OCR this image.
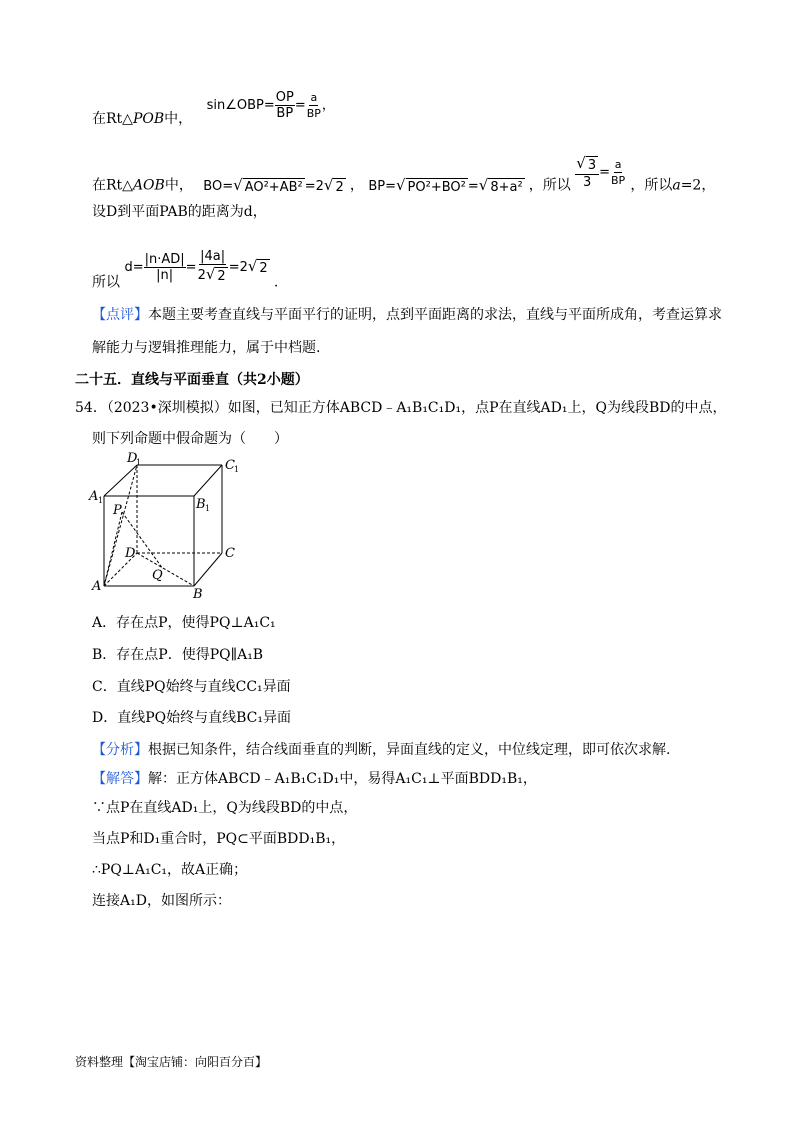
在Rt△POB中， sin∠OBP= $\frac{OP}{BP} = \frac{a}{BP}$ ，
在Rt△AOB中， BO= √ AO²+AB² =2 √ 2 ， BP= √ PO²+BO² = √ 8+a² ，所以 $\frac{√ 3}{3} = \frac{a}{BP}$ ，所以a=2，
设D到平面PAB的距离为d，
所以 $d= \frac{|n\cdot AD|}{|n|} = \frac{|4a|}{2 √ 2} =2$ √ 2
.
【点评】本题主要考查直线与平面平行的证明，点到平面距离的求法，直线与平面所成角，考查运算求
解能力与逻辑推理能力，属于中档题.
二十五．直线与平面垂直（共2小题）
54．（2023•深圳模拟）如图，已知正方体ABCD﹣A₁B₁C₁D₁，点P在直线AD₁上，Q为线段BD的中点，
则下列命题中假命题为（　　）
D
1	C 1
A 1	B 1
P
D	C
Q
A
B
A．存在点P，使得PQ⊥A₁C₁
B．存在点P．使得PQ∥A₁B
C．直线PQ始终与直线CC₁异面
D．直线PQ始终与直线BC₁异面
【分析】根据已知条件，结合线面垂直的判断，异面直线的定义，中位线定理，即可依次求解.
【解答】解：正方体ABCD﹣A₁B₁C₁D₁中，易得A₁C₁⊥平面BDD₁B₁，
∵点P在直线AD₁上，Q为线段BD的中点，
当点P和D₁重合时，PQ⊂平面BDD₁B₁，
∴PQ⊥A₁C₁，故A正确；
连接A₁D，如图所示：
资料整理【淘宝店铺：向阳百分百】
